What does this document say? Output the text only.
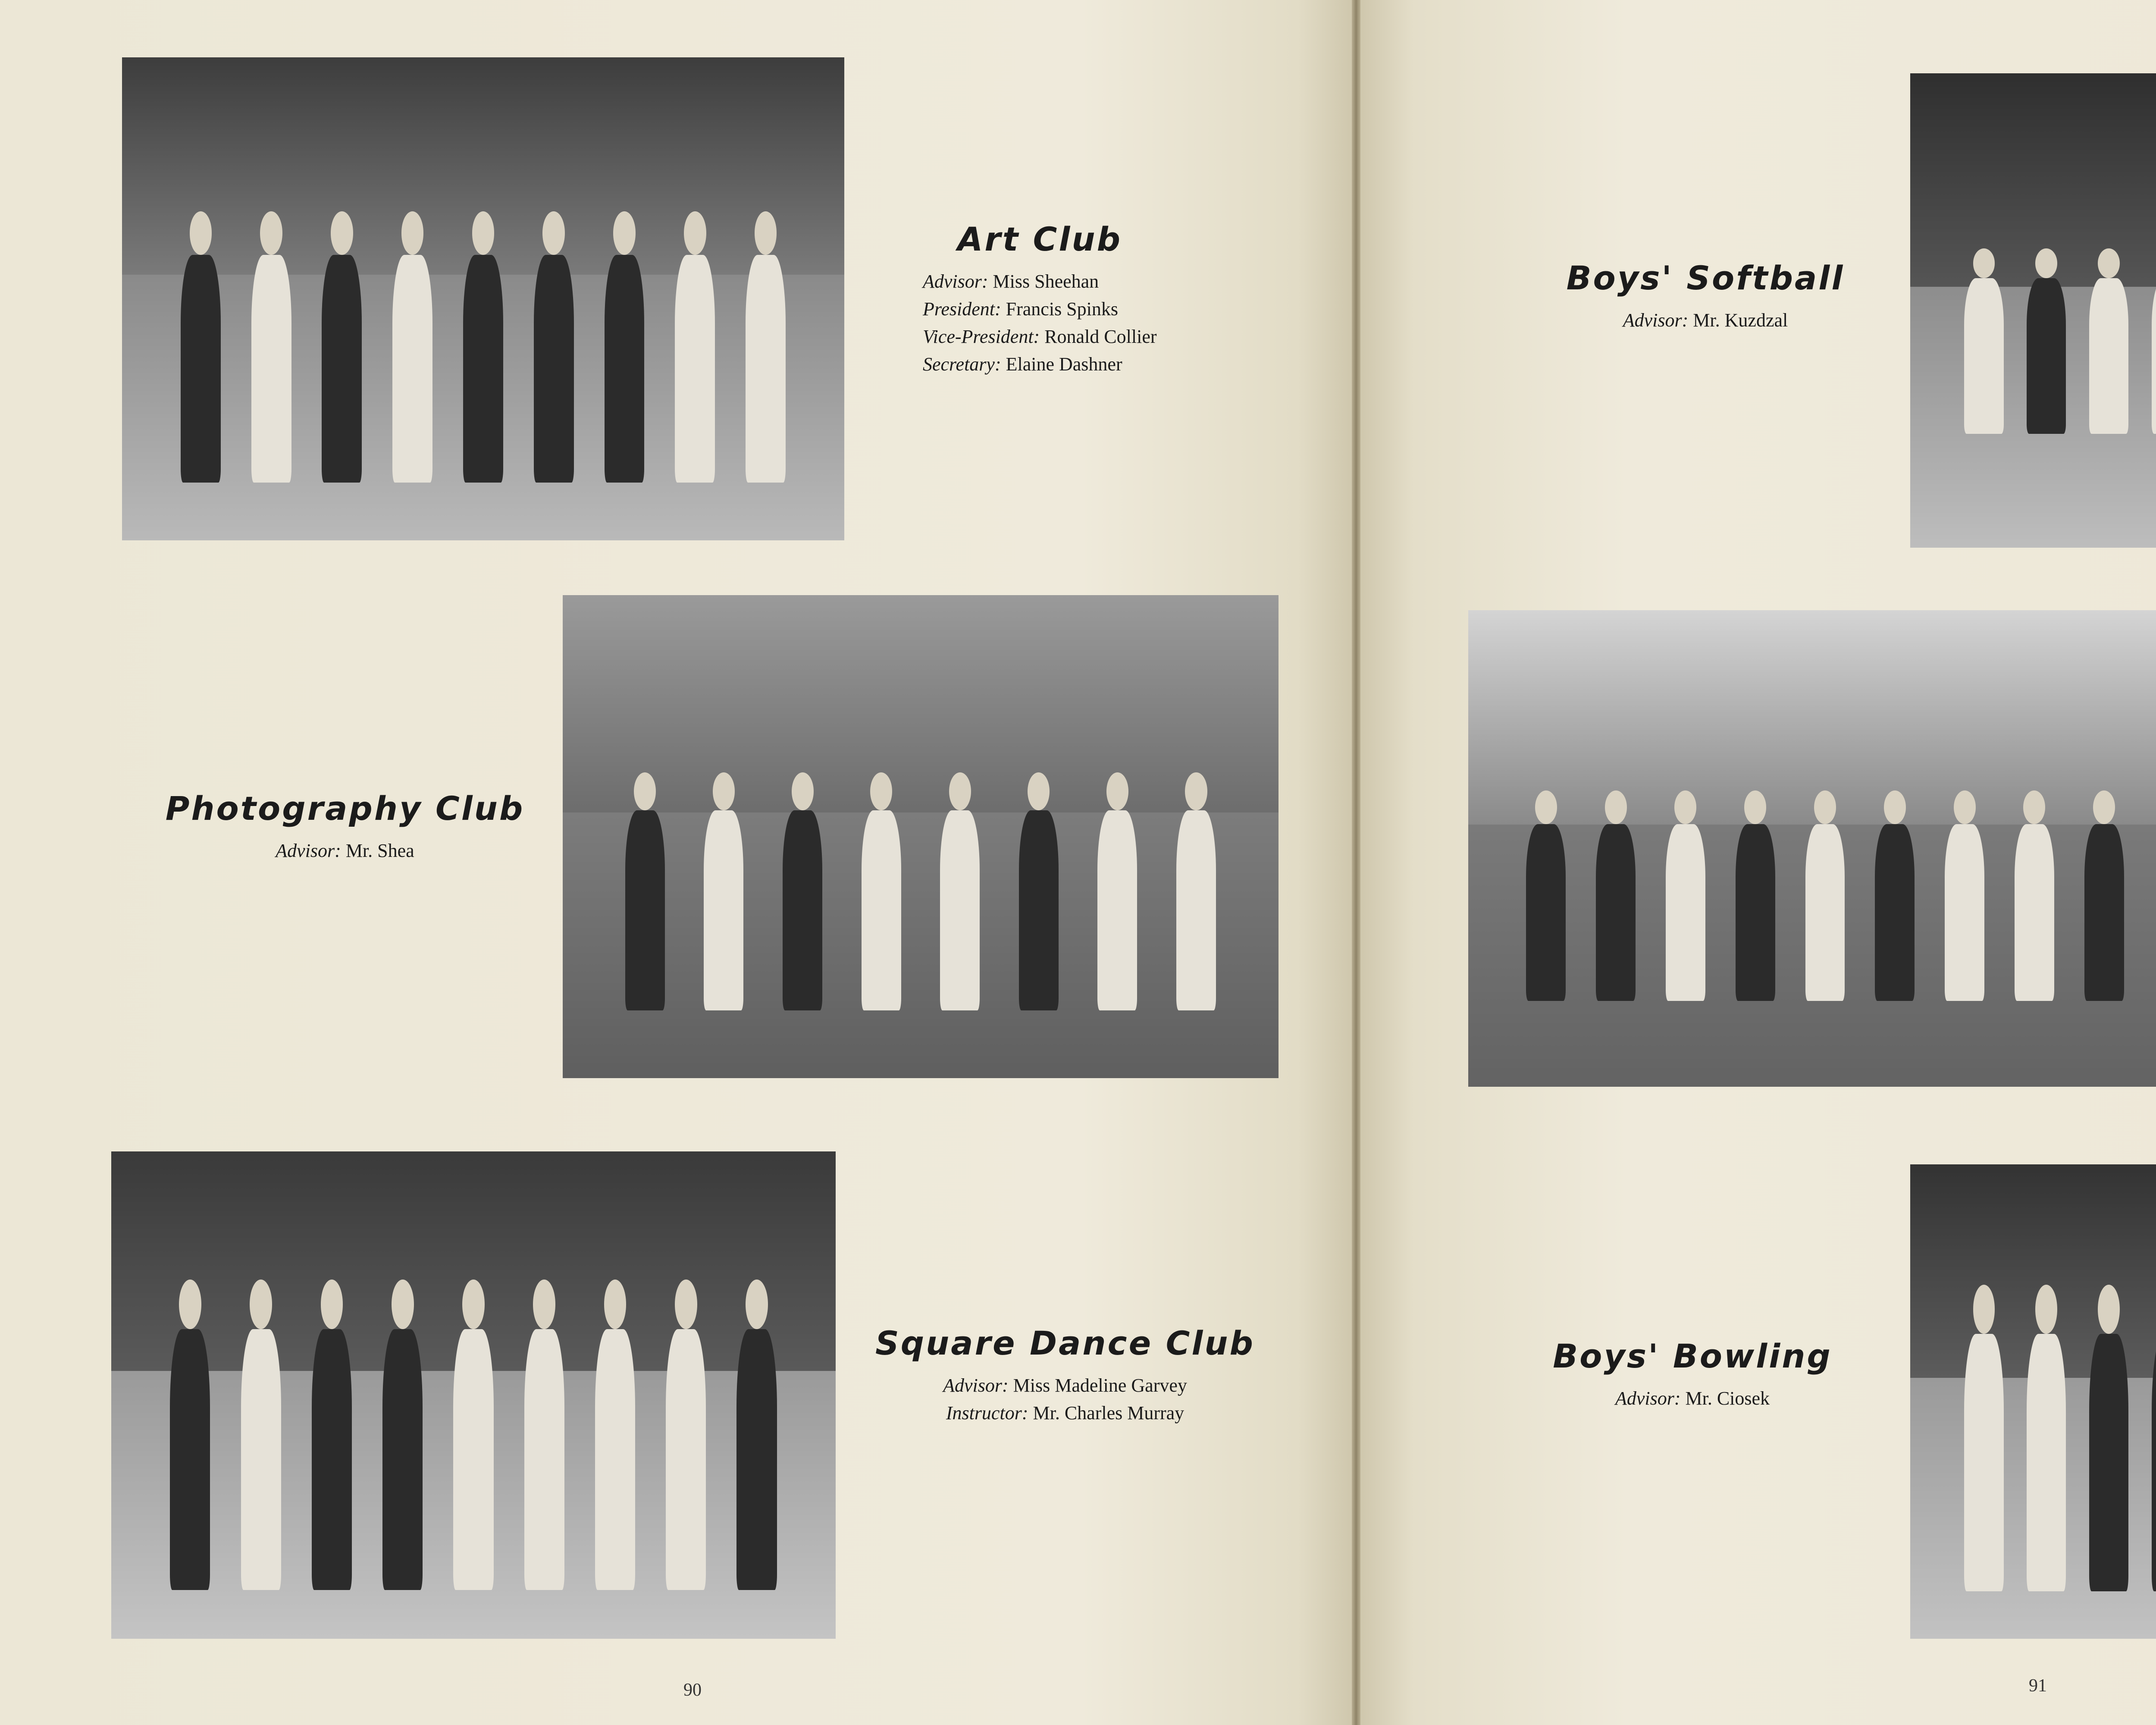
Art Club
Advisor: Miss Sheehan
President: Francis Spinks
Vice-President: Ronald Collier
Secretary: Elaine Dashner
Photography Club
Advisor: Mr. Shea
Square Dance Club
Advisor: Miss Madeline Garvey
Instructor: Mr. Charles Murray
90
Boys' Softball
Advisor: Mr. Kuzdzal
Boys' Bowling
Advisor: Mr. Ciosek
91
